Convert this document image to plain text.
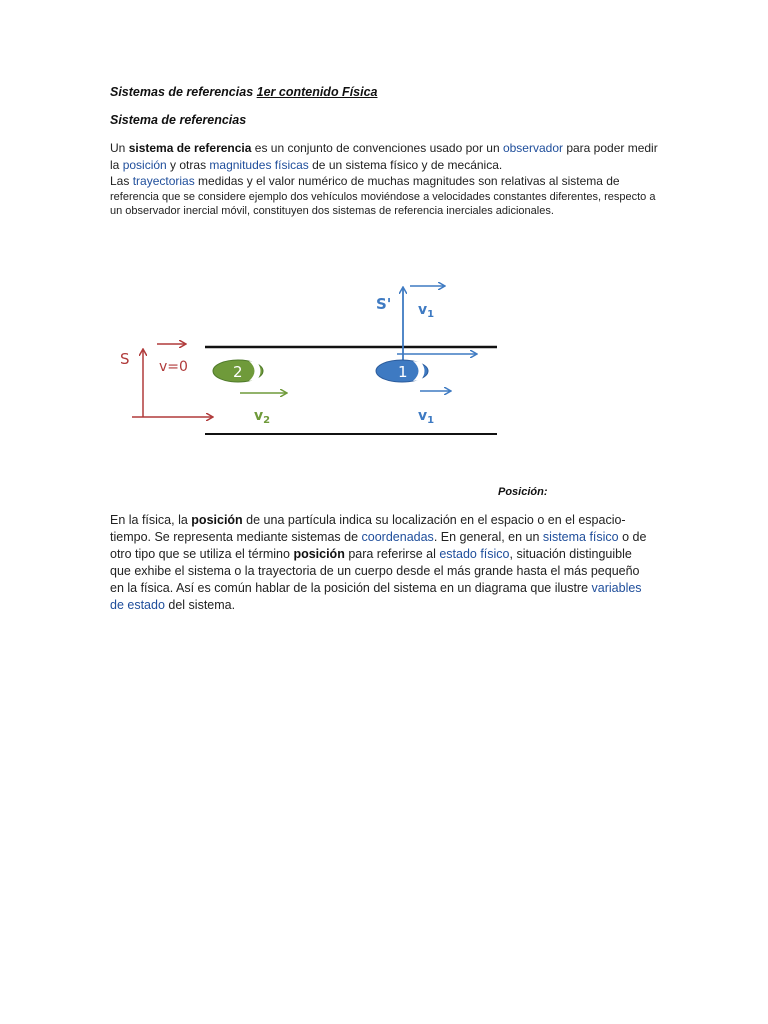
Sistemas de referencias 1er contenido Física
Sistema de referencias
Un sistema de referencia es un conjunto de convenciones usado por un observador para poder medir la posición y otras magnitudes físicas de un sistema físico y de mecánica.
Las trayectorias medidas y el valor numérico de muchas magnitudes son relativas al sistema de
referencia que se considere ejemplo dos vehículos moviéndose a velocidades constantes diferentes, respecto a un observador inercial móvil, constituyen dos sistemas de referencia inerciales adicionales.
S v=0	2
$v_2$
S' $v_1$
1
$v_1$
Posición:
En la física, la posición de una partícula indica su localización en el espacio o en el espacio-tiempo. Se representa mediante sistemas de coordenadas. En general, en un sistema físico o de otro tipo que se utiliza el término posición para referirse al estado físico, situación distinguible que exhibe el sistema o la trayectoria de un cuerpo desde el más grande hasta el más pequeño en la física. Así es común hablar de la posición del sistema en un diagrama que ilustre variables de estado del sistema.
